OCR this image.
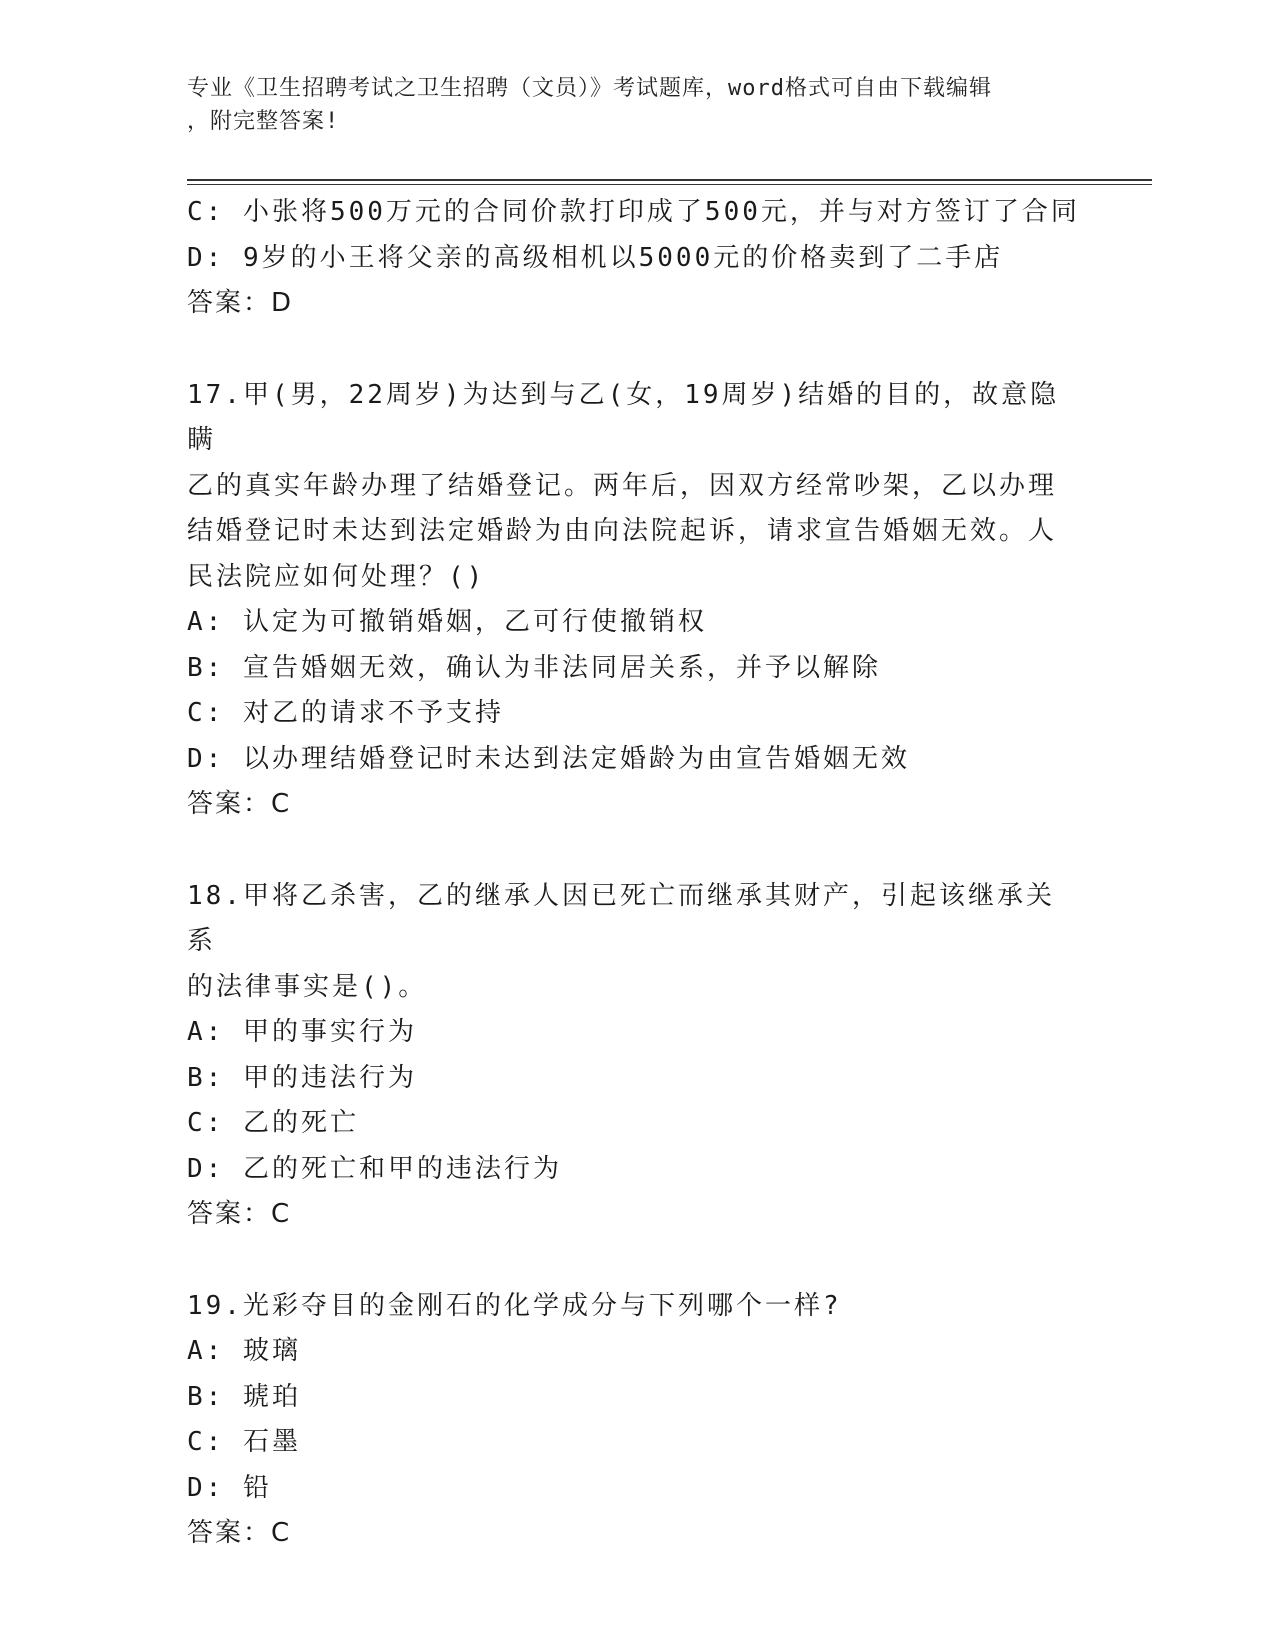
专业《卫生招聘考试之卫生招聘（文员）》考试题库，word格式可自由下载编辑
，附完整答案!
C: 小张将500万元的合同价款打印成了500元，并与对方签订了合同
D: 9岁的小王将父亲的高级相机以5000元的价格卖到了二手店
答案：D
17.甲(男，22周岁)为达到与乙(女，19周岁)结婚的目的，故意隐瞒
乙的真实年龄办理了结婚登记。两年后，因双方经常吵架，乙以办理
结婚登记时未达到法定婚龄为由向法院起诉，请求宣告婚姻无效。人
民法院应如何处理？()
A: 认定为可撤销婚姻，乙可行使撤销权
B: 宣告婚姻无效，确认为非法同居关系，并予以解除
C: 对乙的请求不予支持
D: 以办理结婚登记时未达到法定婚龄为由宣告婚姻无效
答案：C
18.甲将乙杀害，乙的继承人因已死亡而继承其财产，引起该继承关系
的法律事实是()。
A: 甲的事实行为
B: 甲的违法行为
C: 乙的死亡
D: 乙的死亡和甲的违法行为
答案：C
19.光彩夺目的金刚石的化学成分与下列哪个一样?
A: 玻璃
B: 琥珀
C: 石墨
D: 铅
答案：C
